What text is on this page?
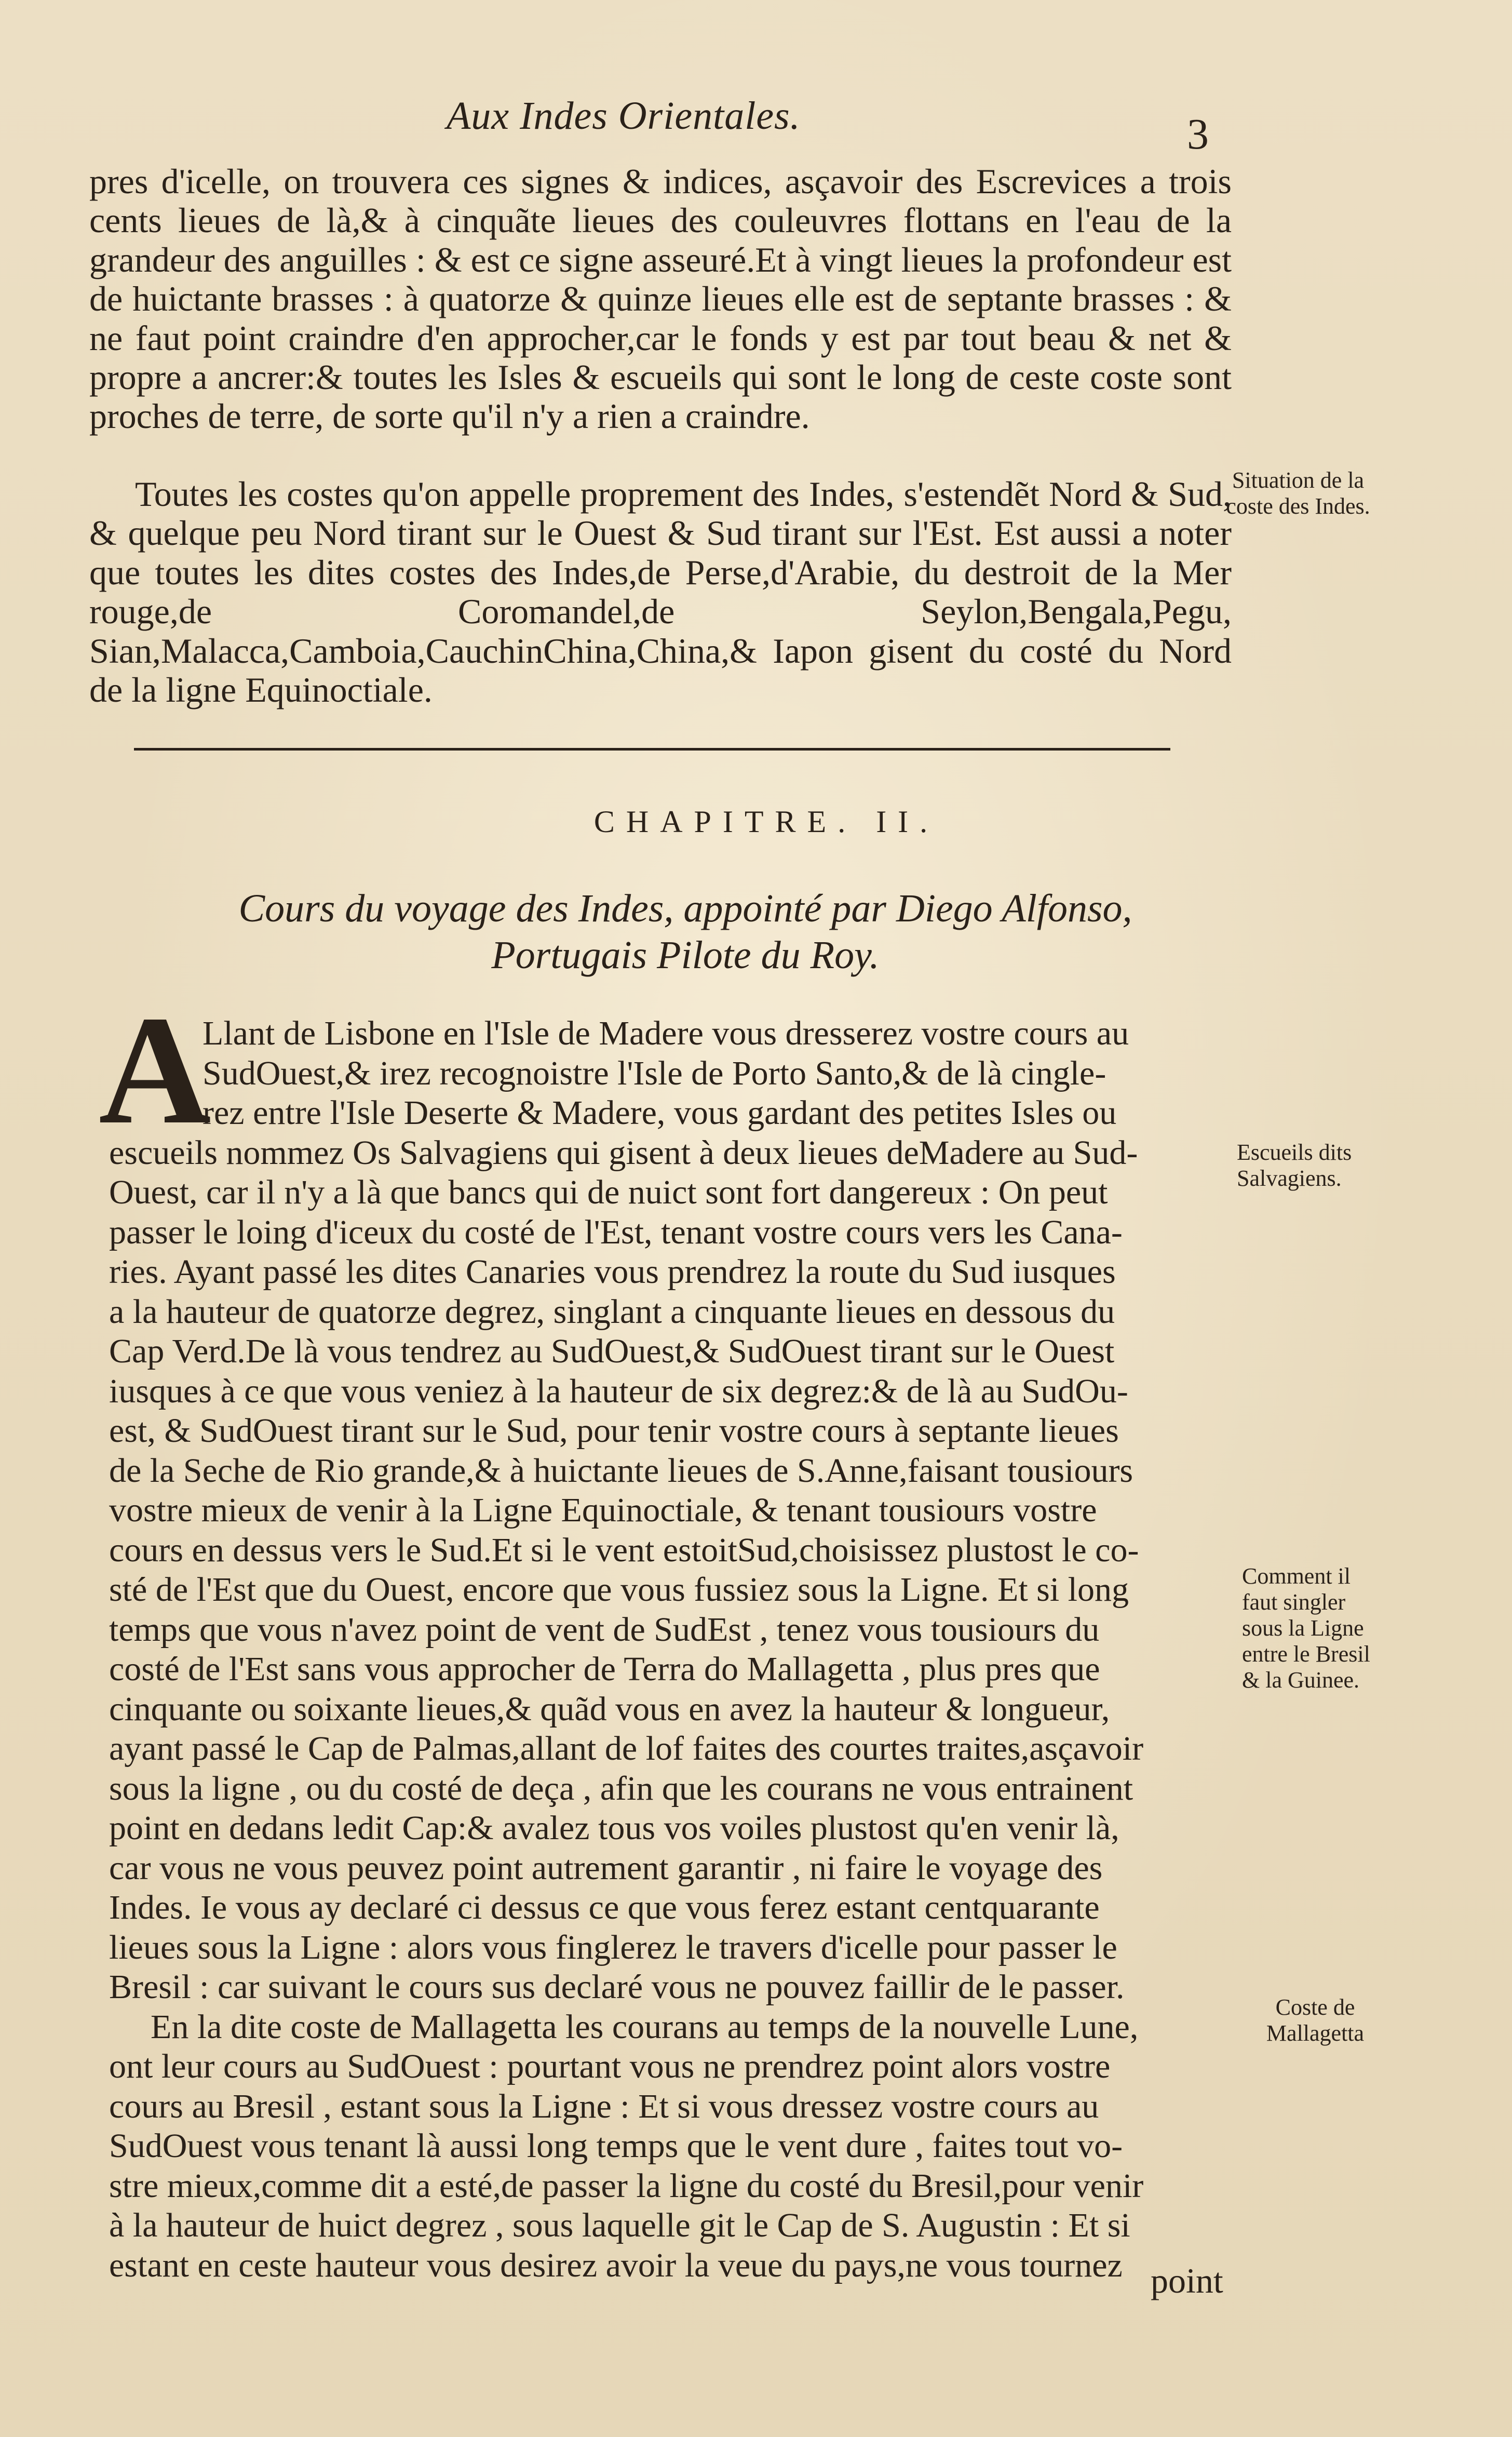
Aux Indes Orientales.	3

pres d'icelle, on trouvera ces signes & indices, asçavoir des Escrevices a trois cents lieues de là,& à cinquãte lieues des couleuvres flottans en l'eau de la grandeur des anguilles : & est ce signe asseuré.Et à vingt lieues la profondeur est de huictante brasses : à quatorze & quinze lieues elle est de septante brasses : & ne faut point craindre d'en approcher,car le fonds y est par tout beau & net & propre a ancrer:& toutes les Isles & escueils qui sont le long de ceste coste sont proches de terre, de sorte qu'il n'y a rien a craindre.

Toutes les costes qu'on appelle proprement des Indes, s'estendẽt Nord & Sud, & quelque peu Nord tirant sur le Ouest & Sud tirant sur l'Est. Est aussi a noter que toutes les dites costes des Indes,de Perse,d'Arabie, du destroit de la Mer rouge,de Coromandel,de Seylon,Bengala,Pegu, Sian,Malacca,Camboia,CauchinChina,China,& Iapon gisent du costé du Nord de la ligne Equinoctiale.

Situation de la coste des Indes.
Escueils dits Salvagiens.
Comment il faut singler sous la Ligne entre le Bresil & la Guinee.
Coste de Mallagetta
CHAPITRE. II.
Cours du voyage des Indes, appointé par Diego Alfonso,
Portugais Pilote du Roy.
A
Llant de Lisbone en l'Isle de Madere vous dresserez vostre cours au
SudOuest,& irez recognoistre l'Isle de Porto Santo,& de là cingle-
rez entre l'Isle Deserte & Madere, vous gardant des petites Isles ou
escueils nommez Os Salvagiens qui gisent à deux lieues deMadere au Sud-
Ouest, car il n'y a là que bancs qui de nuict sont fort dangereux : On peut
passer le loing d'iceux du costé de l'Est, tenant vostre cours vers les Cana-
ries. Ayant passé les dites Canaries vous prendrez la route du Sud iusques
a la hauteur de quatorze degrez, singlant a cinquante lieues en dessous du
Cap Verd.De là vous tendrez au SudOuest,& SudOuest tirant sur le Ouest
iusques à ce que vous veniez à la hauteur de six degrez:& de là au SudOu-
est, & SudOuest tirant sur le Sud, pour tenir vostre cours à septante lieues
de la Seche de Rio grande,& à huictante lieues de S.Anne,faisant tousiours
vostre mieux de venir à la Ligne Equinoctiale, & tenant tousiours vostre
cours en dessus vers le Sud.Et si le vent estoitSud,choisissez plustost le co-
sté de l'Est que du Ouest, encore que vous fussiez sous la Ligne. Et si long
temps que vous n'avez point de vent de SudEst , tenez vous tousiours du
costé de l'Est sans vous approcher de Terra do Mallagetta , plus pres que
cinquante ou soixante lieues,& quãd vous en avez la hauteur & longueur,
ayant passé le Cap de Palmas,allant de lof faites des courtes traites,asçavoir
sous la ligne , ou du costé de deça , afin que les courans ne vous entrainent
point en dedans ledit Cap:& avalez tous vos voiles plustost qu'en venir là,
car vous ne vous peuvez point autrement garantir , ni faire le voyage des
Indes. Ie vous ay declaré ci dessus ce que vous ferez estant centquarante
lieues sous la Ligne : alors vous finglerez le travers d'icelle pour passer le
Bresil : car suivant le cours sus declaré vous ne pouvez faillir de le passer.
En la dite coste de Mallagetta les courans au temps de la nouvelle Lune,
ont leur cours au SudOuest : pourtant vous ne prendrez point alors vostre
cours au Bresil , estant sous la Ligne : Et si vous dressez vostre cours au
SudOuest vous tenant là aussi long temps que le vent dure , faites tout vo-
stre mieux,comme dit a esté,de passer la ligne du costé du Bresil,pour venir
à la hauteur de huict degrez , sous laquelle git le Cap de S. Augustin : Et si
estant en ceste hauteur vous desirez avoir la veue du pays,ne vous tournez point
